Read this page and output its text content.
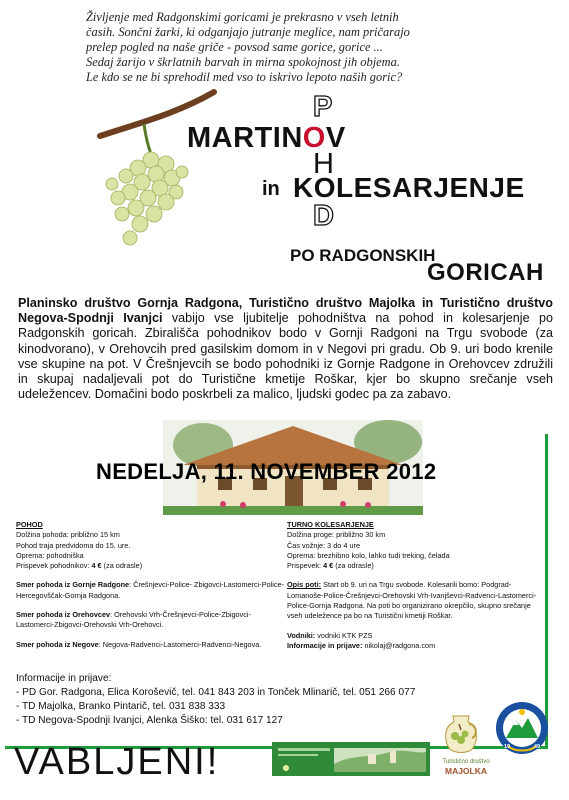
Življenje med Radgonskimi goricami je prekrasno v vseh letnih
časih. Sončni žarki, ki odganjajo jutranje meglice, nam pričarajo
prelep pogled na naše griče - povsod same gorice, gorice ...
Sedaj žarijo v škrlatnih barvah in mirna spokojnost jih objema.
Le kdo se ne bi sprehodil med vso to iskrivo lepoto naših goric?
MARTINOV
P
H
D
in KOLESARJENJE
PO RADGONSKIH
GORICAH
Planinsko društvo Gornja Radgona, Turistično društvo Majolka in Turistično društvo Negova-Spodnji Ivanjci vabijo vse ljubitelje pohodništva na pohod in kolesarjenje po Radgonskih goricah. Zbirališča pohodnikov bodo v Gornji Radgoni na Trgu svobode (za kinodvorano), v Orehovcih pred gasilskim domom in v Negovi pri gradu. Ob 9. uri bodo krenile vse skupine na pot. V Črešnjevcih se bodo pohodniki iz Gornje Radgone in Orehovcev združili in skupaj nadaljevali pot do Turistične kmetije Roškar, kjer bo skupno srečanje vseh udeležencev. Domačini bodo poskrbeli za malico, ljudski godec pa za zabavo.
NEDELJA, 11. NOVEMBER 2012
POHOD
Dolžina pohoda: približno 15 km
Pohod traja predvidoma do 15. ure.
Oprema: pohodniška
Prispevek pohodnikov: 4 € (za odrasle)
Smer pohoda iz Gornje Radgone: Črešnjevci-Police- Zbigovci-Lastomerci-Police-Hercegovščak-Gornja Radgona.
Smer pohoda iz Orehovcev: Orehovski Vrh-Črešnjevci-Police-Zbigovci-Lastomerci-Zbigovci-Orehovski Vrh-Orehovci.
Smer pohoda iz Negove: Negova-Radvenci-Lastomerci-Radvenci-Negova.
TURNO KOLESARJENJE
Dolžina proge: približno 30 km
Čas vožnje: 3 do 4 ure
Oprema: brezhibno kolo, lahko tudi treking, čelada
Prispevek: 4 € (za odrasle)
Opis poti: Start ob 9. uri na Trgu svobode. Kolesarili bomo: Podgrad-Lomanoše-Police-Črešnjevci-Orehovski Vrh-Ivanjševci-Radvenci-Lastomerci-Police-Gornja Radgona. Na poti bo organizirano okrepčilo, skupno srečanje vseh udeležence pa bo na Turistični kmetiji Roškar.
Vodniki: vodniki KTK PZS
Informacije in prijave: nikolaj@radgona.com
Informacije in prijave:
- PD Gor. Radgona, Elica Koroševič, tel. 041 843 203 in Tonček Mlinarič, tel. 051 266 077
- TD Majolka, Branko Pintarič, tel. 031 838 333
- TD Negova-Spodnji Ivanjci, Alenka Šiško: tel. 031 617 127
VABLJENI!	Turistično društvo
MAJOLKA
19	49
